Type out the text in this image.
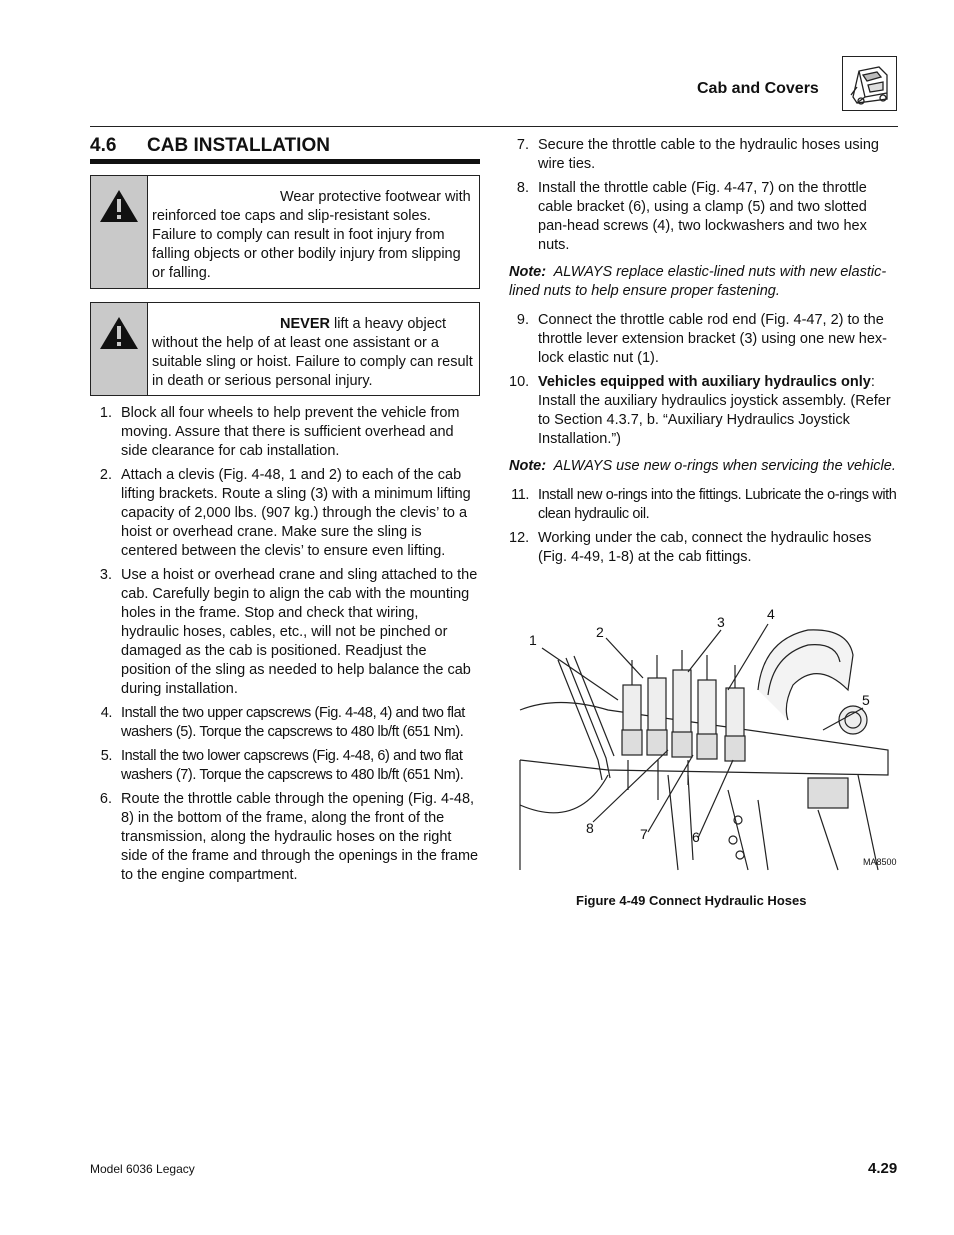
Cab and Covers
4.6 CAB INSTALLATION
Wear protective footwear with reinforced toe caps and slip-resistant soles. Failure to comply can result in foot injury from falling objects or other bodily injury from slipping or falling.
NEVER lift a heavy object without the help of at least one assistant or a suitable sling or hoist. Failure to comply can result in death or serious personal injury.
1. Block all four wheels to help prevent the vehicle from moving. Assure that there is sufficient overhead and side clearance for cab installation.
2. Attach a clevis (Fig. 4-48, 1 and 2) to each of the cab lifting brackets. Route a sling (3) with a minimum lifting capacity of 2,000 lbs. (907 kg.) through the clevis’ to a hoist or overhead crane. Make sure the sling is centered between the clevis’ to ensure even lifting.
3. Use a hoist or overhead crane and sling attached to the cab. Carefully begin to align the cab with the mounting holes in the frame. Stop and check that wiring, hydraulic hoses, cables, etc., will not be pinched or damaged as the cab is positioned. Readjust the position of the sling as needed to help balance the cab during installation.
4. Install the two upper capscrews (Fig. 4-48, 4) and two flat washers (5). Torque the capscrews to 480 lb/ft (651 Nm).
5. Install the two lower capscrews (Fig. 4-48, 6) and two flat washers (7). Torque the capscrews to 480 lb/ft (651 Nm).
6. Route the throttle cable through the opening (Fig. 4-48, 8) in the bottom of the frame, along the front of the transmission, along the hydraulic hoses on the right side of the frame and through the openings in the frame to the engine compartment.
7. Secure the throttle cable to the hydraulic hoses using wire ties.
8. Install the throttle cable (Fig. 4-47, 7) on the throttle cable bracket (6), using a clamp (5) and two slotted pan-head screws (4), two lockwashers and two hex nuts.
Note: ALWAYS replace elastic-lined nuts with new elastic-lined nuts to help ensure proper fastening.
9. Connect the throttle cable rod end (Fig. 4-47, 2) to the throttle lever extension bracket (3) using one new hex-lock elastic nut (1).
10. Vehicles equipped with auxiliary hydraulics only: Install the auxiliary hydraulics joystick assembly. (Refer to Section 4.3.7, b. “Auxiliary Hydraulics Joystick Installation.”)
Note: ALWAYS use new o-rings when servicing the vehicle.
11. Install new o-rings into the fittings. Lubricate the o-rings with clean hydraulic oil.
12. Working under the cab, connect the hydraulic hoses (Fig. 4-49, 1-8) at the cab fittings.
1	2
3	4
5
6
7
8
MA8500
Figure 4-49 Connect Hydraulic Hoses
Model 6036 Legacy	4.29
